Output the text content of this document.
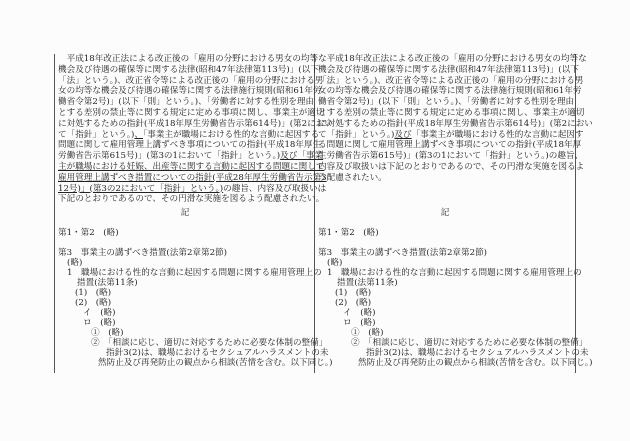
　平成18年改正法による改正後の「雇用の分野における男女の均等な
機会及び待遇の確保等に関する法律(昭和47年法律第113号)」(以下
「法」という。)、改正省令等による改正後の「雇用の分野における男
女の均等な機会及び待遇の確保等に関する法律施行規則(昭和61年労
働省令第2号)」(以下「則」という。)、「労働者に対する性別を理由
とする差別の禁止等に関する規定に定める事項に関し、事業主が適切
に対処するための指針(平成18年厚生労働省告示第614号)」(第2におい
て「指針」という。)、「事業主が職場における性的な言動に起因する
問題に関して雇用管理上講ずべき事項についての指針(平成18年厚生
労働省告示第615号)」(第3の1において「指針」という。)及び「事業
主が職場における妊娠、出産等に関する言動に起因する問題に関して
雇用管理上講ずべき措置についての指針(平成28年厚生労働省告示第3
12号)」(第3の2において「指針」という。)の趣旨、内容及び取扱いは
下記のとおりであるので、その円滑な実施を図るよう配慮されたい。
記
第1・第2　(略)
第3　事業主の講ずべき措置(法第2章第2節)
(略)
1　職場における性的な言動に起因する問題に関する雇用管理上の
措置(法第11条)
(1)　(略)
(2)　(略)
イ　(略)
ロ　(略)
①　(略)
②　「相談に応じ、適切に対応するために必要な体制の整備」
指針3(2)は、職場におけるセクシュアルハラスメントの未
然防止及び再発防止の観点から相談(苦情を含む。以下同じ。)
　平成18年改正法による改正後の「雇用の分野における男女の均等な
機会及び待遇の確保等に関する法律(昭和47年法律第113号)」(以下
「法」という。)、改正省令等による改正後の「雇用の分野における男
女の均等な機会及び待遇の確保等に関する法律施行規則(昭和61年労
働省令第2号)」(以下「則」という。)、「労働者に対する性別を理由
とする差別の禁止等に関する規定に定める事項に関し、事業主が適切
に対処するための指針(平成18年厚生労働省告示第614号)」(第2におい
て「指針」という。)及び「事業主が職場における性的な言動に起因す
る問題に関して雇用管理上講ずべき事項についての指針(平成18年厚
生労働省告示第615号)」(第3の1において「指針」という。)の趣旨、
内容及び取扱いは下記のとおりであるので、その円滑な実施を図るよ
う配慮されたい。
記
第1・第2　(略)
第3　事業主の講ずべき措置(法第2章第2節)
(略)
1　職場における性的な言動に起因する問題に関する雇用管理上の
措置(法第11条)
(1)　(略)
(2)　(略)
イ　(略)
ロ　(略)
①　(略)
②　「相談に応じ、適切に対応するために必要な体制の整備」
指針3(2)は、職場におけるセクシュアルハラスメントの未
然防止及び再発防止の観点から相談(苦情を含む。以下同じ。)
